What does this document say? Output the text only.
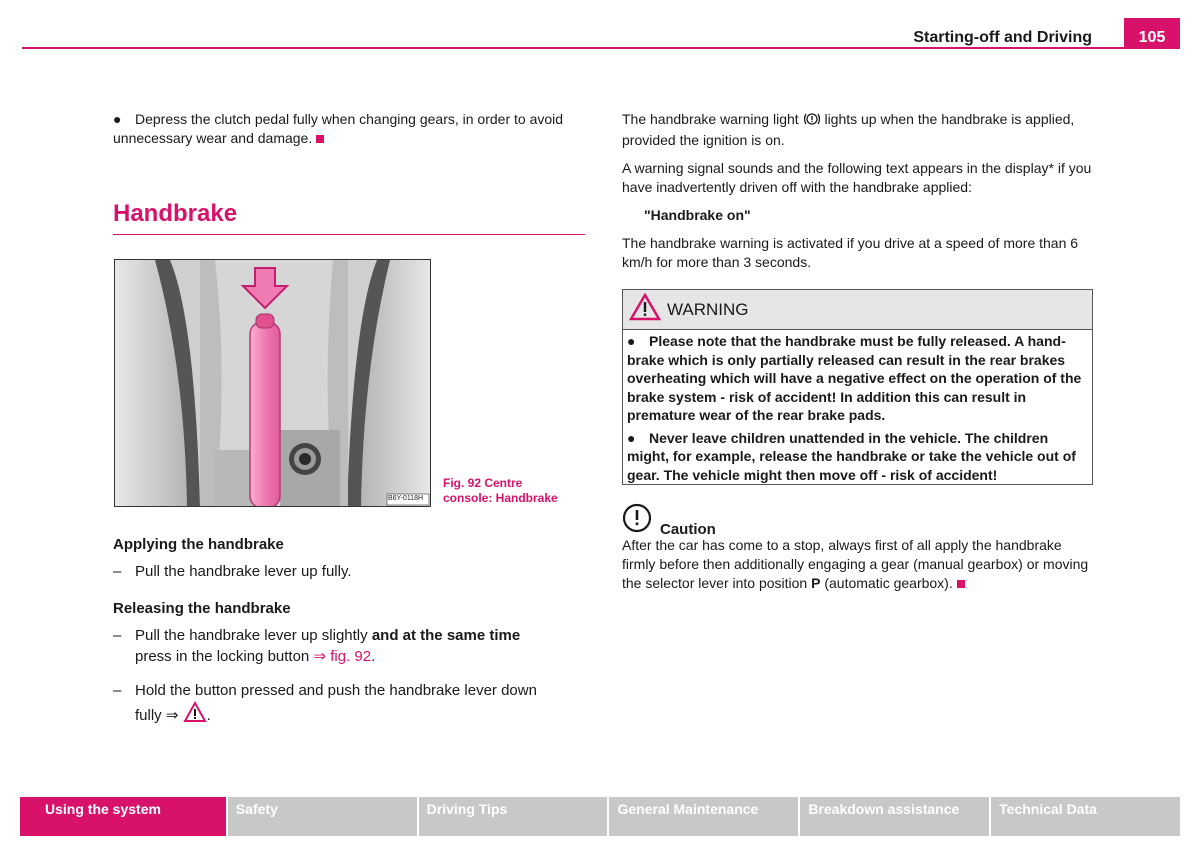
Starting-off and Driving	105

● Depress the clutch pedal fully when changing gears, in order to avoid unnecessary wear and damage.

Handbrake
B6Y-0118H
Fig. 92 Centre
console: Handbrake
Applying the handbrake
– Pull the handbrake lever up fully.
Releasing the handbrake
– Pull the handbrake lever up slightly and at the same time
press in the locking button ⇒ fig. 92.
– Hold the button pressed and push the handbrake lever down
fully ⇒ .

The handbrake warning light  lights up when the handbrake is applied, provided the ignition is on.

A warning signal sounds and the following text appears in the display* if you have inadvertently driven off with the handbrake applied:

"Handbrake on"

The handbrake warning is activated if you drive at a speed of more than 6 km/h for more than 3 seconds.

WARNING

● Please note that the handbrake must be fully released. A hand-brake which is only partially released can result in the rear brakes overheating which will have a negative effect on the operation of the brake system - risk of accident! In addition this can result in premature wear of the rear brake pads.

● Never leave children unattended in the vehicle. The children might, for example, release the handbrake or take the vehicle out of gear. The vehicle might then move off - risk of accident!

Caution

After the car has come to a stop, always first of all apply the handbrake firmly before then additionally engaging a gear (manual gearbox) or moving the selector lever into position P (automatic gearbox).

Using the system	Safety	Driving Tips	General Maintenance	Breakdown assistance	Technical Data
